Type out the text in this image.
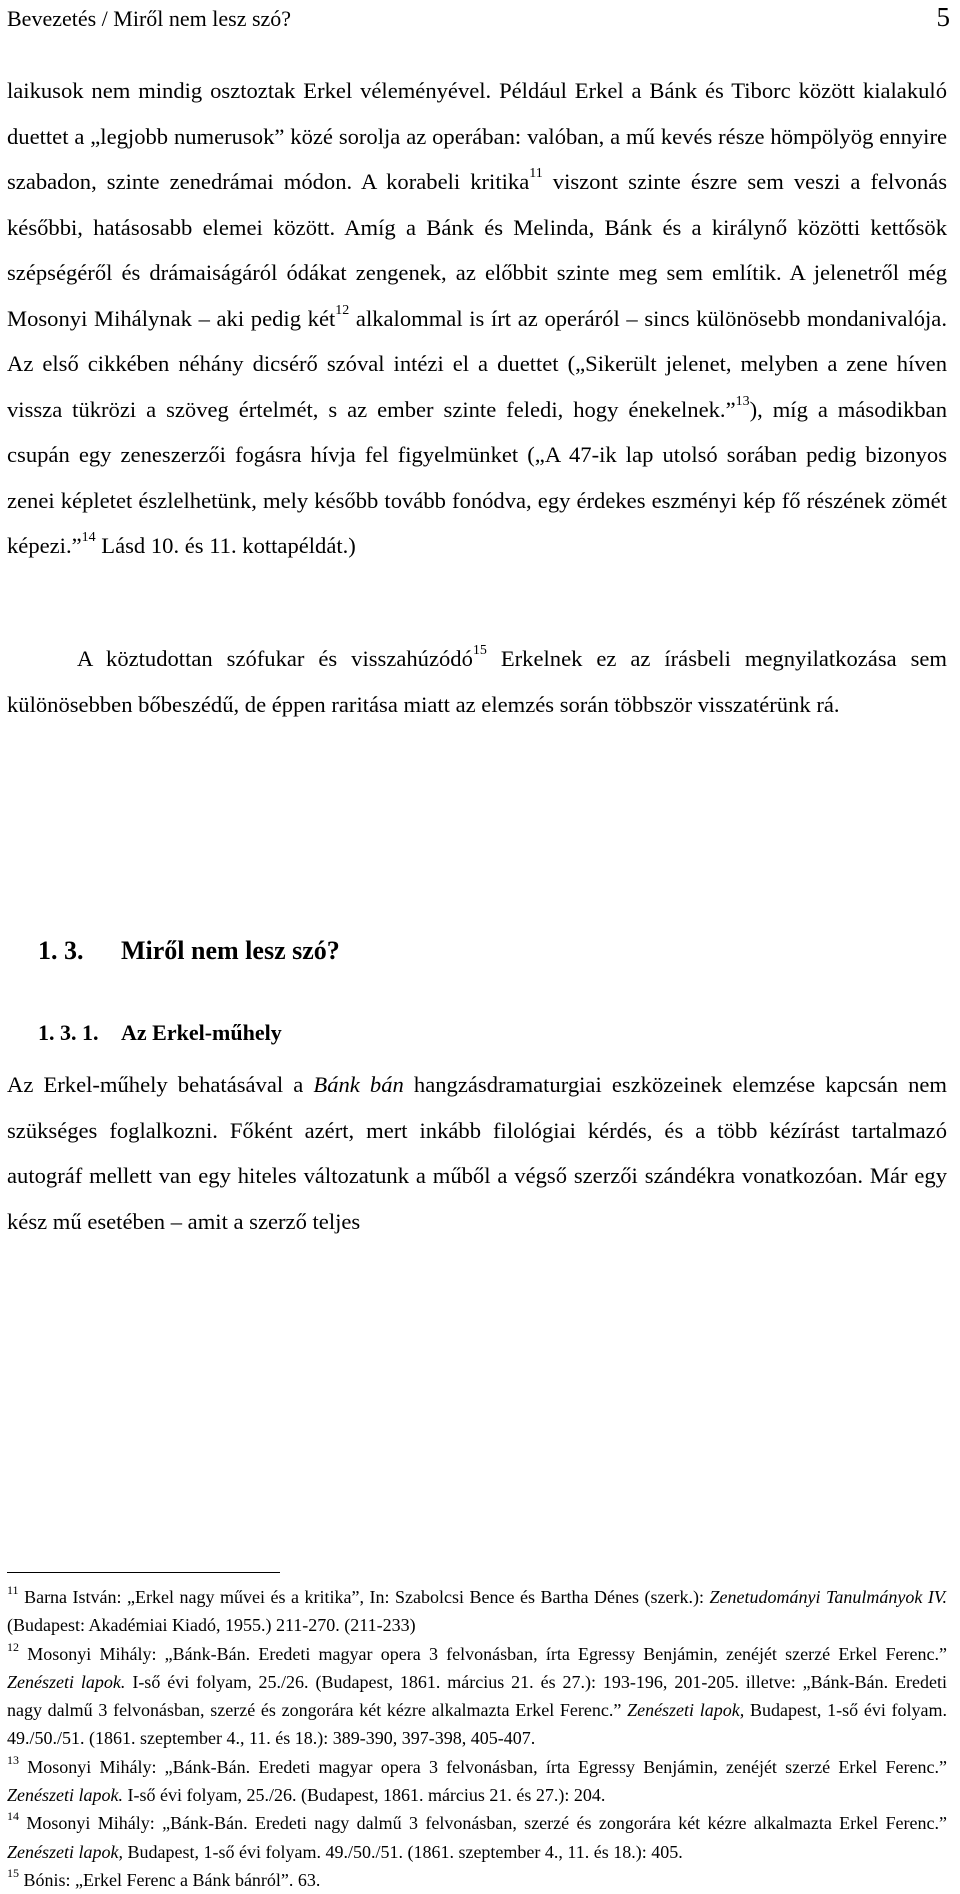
Bevezetés / Miről nem lesz szó?	5
laikusok nem mindig osztoztak Erkel véleményével. Például Erkel a Bánk és Tiborc között kialakuló duettet a „legjobb numerusok” közé sorolja az operában: valóban, a mű kevés része hömpölyög ennyire szabadon, szinte zenedrámai módon. A korabeli kritika$^{11}$ viszont szinte észre sem veszi a felvonás későbbi, hatásosabb elemei között. Amíg a Bánk és Melinda, Bánk és a királynő közötti kettősök szépségéről és drámaiságáról ódákat zengenek, az előbbit szinte meg sem említik. A jelenetről még Mosonyi Mihálynak – aki pedig két$^{12}$ alkalommal is írt az operáról – sincs különösebb mondanivalója. Az első cikkében néhány dicsérő szóval intézi el a duettet („Sikerült jelenet, melyben a zene híven vissza tükrözi a szöveg értelmét, s az ember szinte feledi, hogy énekelnek.”$^{13}$), míg a másodikban csupán egy zeneszerzői fogásra hívja fel figyelmünket („A 47-ik lap utolsó sorában pedig bizonyos zenei képletet észlelhetünk, mely később tovább fonódva, egy érdekes eszményi kép fő részének zömét képezi.”$^{14}$ Lásd 10. és 11. kottapéldát.)
A köztudottan szófukar és visszahúzódó$^{15}$ Erkelnek ez az írásbeli megnyilatkozása sem különösebben bőbeszédű, de éppen raritása miatt az elemzés során többször visszatérünk rá.
1. 3. Miről nem lesz szó?
1. 3. 1. Az Erkel-műhely
Az Erkel-műhely behatásával a Bánk bán hangzásdramaturgiai eszközeinek elemzése kapcsán nem szükséges foglalkozni. Főként azért, mert inkább filológiai kérdés, és a több kézírást tartalmazó autográf mellett van egy hiteles változatunk a műből a végső szerzői szándékra vonatkozóan. Már egy kész mű esetében – amit a szerző teljes

$^{11}$ Barna István: „Erkel nagy művei és a kritika”, In: Szabolcsi Bence és Bartha Dénes (szerk.): Zenetudományi Tanulmányok IV. (Budapest: Akadémiai Kiadó, 1955.) 211-270. (211-233)

$^{12}$ Mosonyi Mihály: „Bánk-Bán. Eredeti magyar opera 3 felvonásban, írta Egressy Benjámin, zenéjét szerzé Erkel Ferenc.” Zenészeti lapok. I-ső évi folyam, 25./26. (Budapest, 1861. március 21. és 27.): 193-196, 201-205. illetve: „Bánk-Bán. Eredeti nagy dalmű 3 felvonásban, szerzé és zongorára két kézre alkalmazta Erkel Ferenc.” Zenészeti lapok, Budapest, 1-ső évi folyam. 49./50./51. (1861. szeptember 4., 11. és 18.): 389-390, 397-398, 405-407.

$^{13}$ Mosonyi Mihály: „Bánk-Bán. Eredeti magyar opera 3 felvonásban, írta Egressy Benjámin, zenéjét szerzé Erkel Ferenc.” Zenészeti lapok. I-ső évi folyam, 25./26. (Budapest, 1861. március 21. és 27.): 204.

$^{14}$ Mosonyi Mihály: „Bánk-Bán. Eredeti nagy dalmű 3 felvonásban, szerzé és zongorára két kézre alkalmazta Erkel Ferenc.” Zenészeti lapok, Budapest, 1-ső évi folyam. 49./50./51. (1861. szeptember 4., 11. és 18.): 405.

$^{15}$ Bónis: „Erkel Ferenc a Bánk bánról”. 63.
